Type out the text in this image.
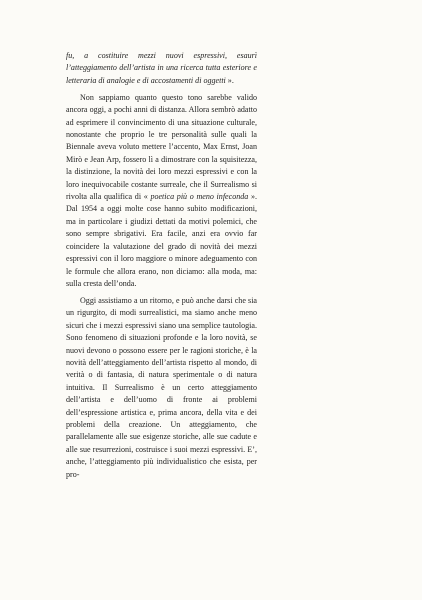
fu, a costituire mezzi nuovi espressivi, esaurì l’atteggiamento dell’artista in una ricerca tutta esteriore e letteraria di analogie e di accostamenti di oggetti ».

Non sappiamo quanto questo tono sarebbe valido ancora oggi, a pochi anni di distanza. Allora sembrò adatto ad esprimere il convincimento di una situazione culturale, nonostante che proprio le tre personalità sulle quali la Biennale aveva voluto mettere l’accento, Max Ernst, Joan Mirò e Jean Arp, fossero lì a dimostrare con la squisitezza, la distinzione, la novità dei loro mezzi espressivi e con la loro inequivocabile costante surreale, che il Surrealismo si rivolta alla qualifica di « poetica più o meno infeconda ». Dal 1954 a oggi molte cose hanno subito modificazioni, ma in particolare i giudizi dettati da motivi polemici, che sono sempre sbrigativi. Era facile, anzi era ovvio far coincidere la valutazione del grado di novità dei mezzi espressivi con il loro maggiore o minore adeguamento con le formule che allora erano, non diciamo: alla moda, ma: sulla cresta dell’onda.

Oggi assistiamo a un ritorno, e può anche darsi che sia un rigurgito, di modi surrealistici, ma siamo anche meno sicuri che i mezzi espressivi siano una semplice tautologia. Sono fenomeno di situazioni profonde e la loro novità, se nuovi devono o possono essere per le ragioni storiche, è la novità dell’atteggiamento dell’artista rispetto al mondo, di verità o di fantasia, di natura sperimentale o di natura intuitiva. Il Surrealismo è un certo atteggiamento dell’artista e dell’uomo di fronte ai problemi dell’espressione artistica e, prima ancora, della vita e dei problemi della creazione. Un atteggiamento, che parallelamente alle sue esigenze storiche, alle sue cadute e alle sue resurrezioni, costruisce i suoi mezzi espressivi. E’, anche, l’atteggiamento più individualistico che esista, per pro-
